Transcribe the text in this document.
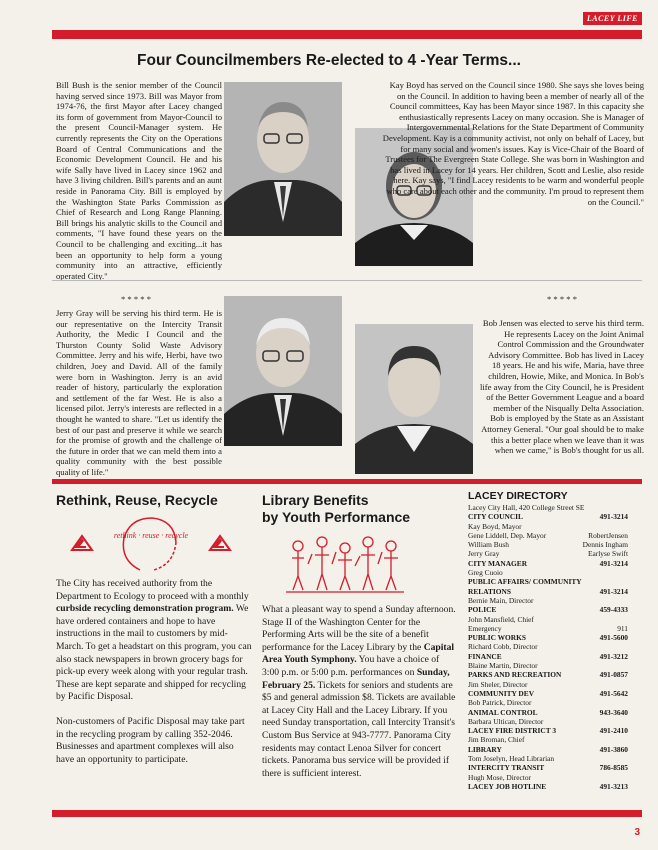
LACEY LIFE
Four Councilmembers Re-elected to 4 -Year Terms...

Bill Bush is the senior member of the Council having served since 1973. Bill was Mayor from 1974-76, the first Mayor after Lacey changed its form of government from Mayor-Council to the present Council-Manager system. He currently represents the City on the Operations Board of Central Communications and the Economic Development Council. He and his wife Sally have lived in Lacey since 1962 and have 3 living children. Bill's parents and an aunt reside in Panorama City. Bill is employed by the Washington State Parks Commission as Chief of Research and Long Range Planning. Bill brings his analytic skills to the Council and comments, "I have found these years on the Council to be challenging and exciting...it has been an opportunity to help form a young community into an attractive, efficiently operated City."

Kay Boyd has served on the Council since 1980. She says she loves being on the Council. In addition to having been a member of nearly all of the Council committees, Kay has been Mayor since 1987. In this capacity she enthusiastically represents Lacey on many occasion. She is Manager of Intergovernmental Relations for the State Department of Community Development. Kay is a community activist, not only on behalf of Lacey, but for many social and women's issues. Kay is Vice-Chair of the Board of Trustees for The Evergreen State College. She was born in Washington and has lived in Lacey for 14 years. Her children, Scott and Leslie, also reside here. Kay says, "I find Lacey residents to be warm and wonderful people who care about each other and the community. I'm proud to represent them on the Council."

* * * * *	* * * * *

Jerry Gray will be serving his third term. He is our representative on the Intercity Transit Authority, the Medic I Council and the Thurston County Solid Waste Advisory Committee. Jerry and his wife, Herbi, have two children, Joey and David. All of the family were born in Washington. Jerry is an avid reader of history, particularly the exploration and settlement of the far West. He is also a licensed pilot. Jerry's interests are reflected in a thought he wanted to share. "Let us identify the best of our past and preserve it while we search for the promise of growth and the challenge of the future in order that we can meld them into a quality community with the best possible quality of life."

Bob Jensen was elected to serve his third term. He represents Lacey on the Joint Animal Control Commission and the Groundwater Advisory Committee. Bob has lived in Lacey 18 years. He and his wife, Maria, have three children, Howie, Mike, and Monica. In Bob's life away from the City Council, he is President of the Better Government League and a board member of the Nisqually Delta Association. Bob is employed by the State as an Assistant Attorney General. "Our goal should be to make this a better place when we leave than it was when we came," is Bob's thought for us all.

Rethink, Reuse, Recycle
rethink · reuse · recycle

The City has received authority from the Department to Ecology to proceed with a monthly curbside recycling demonstration program. We have ordered containers and hope to have instructions in the mail to customers by mid-March. To get a headstart on this program, you can also stack newspapers in brown grocery bags for pick-up every week along with your regular trash. These are kept separate and shipped for recycling by Pacific Disposal.

Non-customers of Pacific Disposal may take part in the recycling program by calling 352-2046. Businesses and apartment complexes will also have an opportunity to participate.

Library Benefits
by Youth Performance

What a pleasant way to spend a Sunday afternoon. Stage II of the Washington Center for the Performing Arts will be the site of a benefit performance for the Lacey Library by the Capital Area Youth Symphony. You have a choice of 3:00 p.m. or 5:00 p.m. performances on Sunday, February 25. Tickets for seniors and students are $5 and general admission $8. Tickets are available at Lacey City Hall and the Lacey Library. If you need Sunday transportation, call Intercity Transit's Custom Bus Service at 943-7777. Panorama City residents may contact Lenoa Silver for concert tickets. Panorama bus service will be provided if there is sufficient interest.

LACEY DIRECTORY
Lacey City Hall, 420 College Street SE
CITY COUNCIL	491-3214
Kay Boyd, Mayor
Gene Liddell, Dep. Mayor	RobertJensen
William Bush	Dennis Ingham
Jerry Gray	Earlyse Swift
CITY MANAGER	491-3214
Greg Cuoio
PUBLIC AFFAIRS/ COMMUNITY
RELATIONS	491-3214
Bernie Main, Director
POLICE	459-4333
John Mansfield, Chief
Emergency	911
PUBLIC WORKS	491-5600
Richard Cobb, Director
FINANCE	491-3212
Blaine Martin, Director
PARKS AND RECREATION	491-0857
Jim Sheler, Director
COMMUNITY DEV	491-5642
Bob Patrick, Director
ANIMAL CONTROL	943-3640
Barbara Ultican, Director
LACEY FIRE DISTRICT 3	491-2410
Jim Broman, Chief
LIBRARY	491-3860
Tom Joselyn, Head Librarian
INTERCITY TRANSIT	786-8585
Hugh Mose, Director
LACEY JOB HOTLINE	491-3213
3
